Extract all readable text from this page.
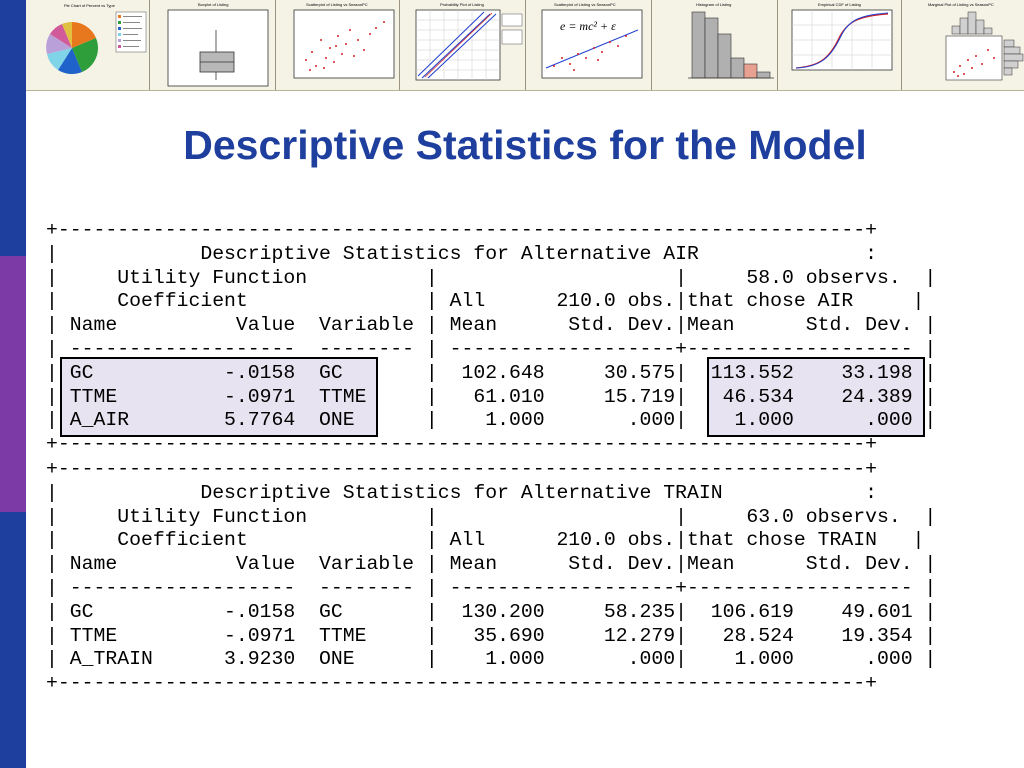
Pie Chart of Percent vs Type	Boxplot of Listing	Scatterplot of Listing vs SeasonPC	Probability Plot of Listing	Scatterplot of Listing vs SeasonPC
e = mc² + ε
Histogram of Listing	Empirical CDF of Listing	Marginal Plot of Listing vs SeasonPC
Descriptive Statistics for the Model
+--------------------------------------------------------------------+
|            Descriptive Statistics for Alternative AIR              :
|     Utility Function          |                    |     58.0 observs.  |
|     Coefficient               | All      210.0 obs.|that chose AIR     |
| Name          Value  Variable | Mean      Std. Dev.|Mean      Std. Dev. |
| -------------------  -------- | -------------------+------------------- |
| GC           -.0158  GC       |  102.648     30.575|  113.552    33.198 |
| TTME         -.0971  TTME     |   61.010     15.719|   46.534    24.389 |
| A_AIR        5.7764  ONE      |    1.000       .000|    1.000      .000 |
+--------------------------------------------------------------------+
+--------------------------------------------------------------------+
|            Descriptive Statistics for Alternative TRAIN            :
|     Utility Function          |                    |     63.0 observs.  |
|     Coefficient               | All      210.0 obs.|that chose TRAIN   |
| Name          Value  Variable | Mean      Std. Dev.|Mean      Std. Dev. |
| -------------------  -------- | -------------------+------------------- |
| GC           -.0158  GC       |  130.200     58.235|  106.619    49.601 |
| TTME         -.0971  TTME     |   35.690     12.279|   28.524    19.354 |
| A_TRAIN      3.9230  ONE      |    1.000       .000|    1.000      .000 |
+--------------------------------------------------------------------+
